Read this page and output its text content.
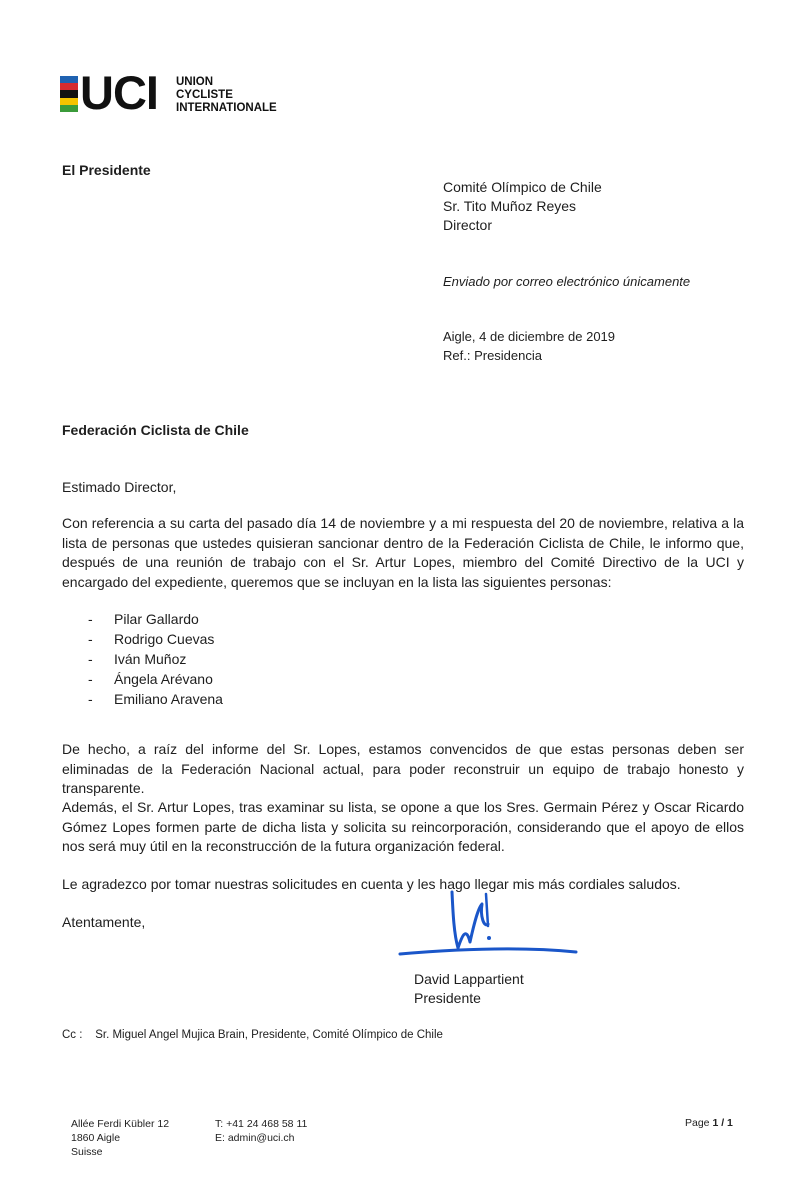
UCI UNION
CYCLISTE
INTERNATIONALE
El Presidente
Comité Olímpico de Chile
Sr. Tito Muñoz Reyes
Director
Enviado por correo electrónico únicamente
Aigle, 4 de diciembre de 2019
Ref.: Presidencia
Federación Ciclista de Chile
Estimado Director,
Con referencia a su carta del pasado día 14 de noviembre y a mi respuesta del 20 de noviembre, relativa a la lista de personas que ustedes quisieran sancionar dentro de la Federación Ciclista de Chile, le informo que, después de una reunión de trabajo con el Sr. Artur Lopes, miembro del Comité Directivo de la UCI y encargado del expediente, queremos que se incluyan en la lista las siguientes personas:
- Pilar Gallardo
- Rodrigo Cuevas
- Iván Muñoz
- Ángela Arévano
- Emiliano Aravena
De hecho, a raíz del informe del Sr. Lopes, estamos convencidos de que estas personas deben ser eliminadas de la Federación Nacional actual, para poder reconstruir un equipo de trabajo honesto y transparente.
Además, el Sr. Artur Lopes, tras examinar su lista, se opone a que los Sres. Germain Pérez y Oscar Ricardo Gómez Lopes formen parte de dicha lista y solicita su reincorporación, considerando que el apoyo de ellos nos será muy útil en la reconstrucción de la futura organización federal.
Le agradezco por tomar nuestras solicitudes en cuenta y les hago llegar mis más cordiales saludos.
Atentamente,
David Lappartient
Presidente
Cc : Sr. Miguel Angel Mujica Brain, Presidente, Comité Olímpico de Chile
Allée Ferdi Kübler 12
1860 Aigle
Suisse
T: +41 24 468 58 11
E: admin@uci.ch
Page 1 / 1
